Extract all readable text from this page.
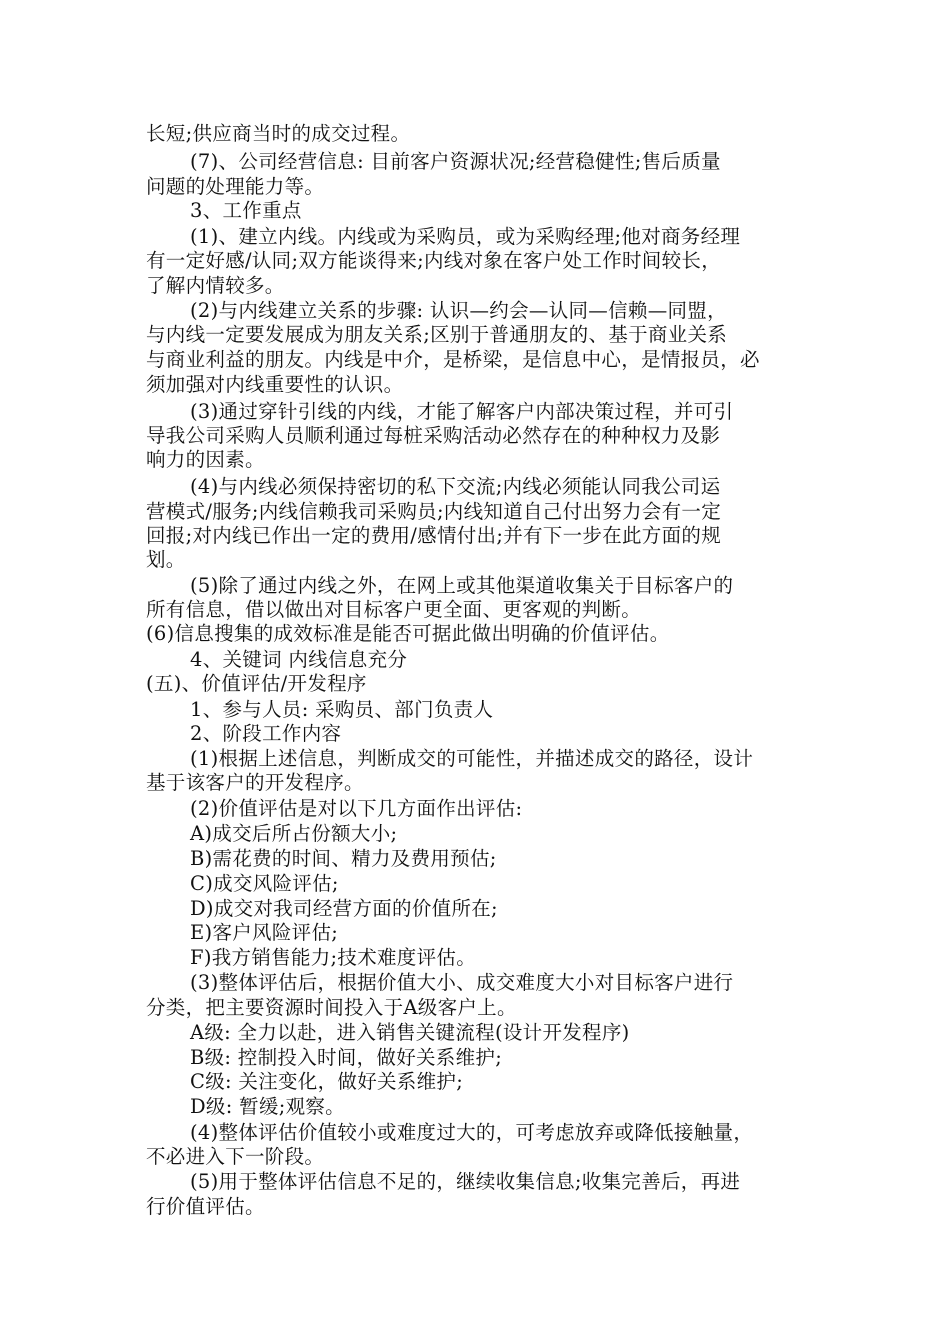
长短;供应商当时的成交过程。
(7)、公司经营信息: 目前客户资源状况;经营稳健性;售后质量
问题的处理能力等。
3、工作重点
(1)、建立内线。内线或为采购员，或为采购经理;他对商务经理
有一定好感/认同;双方能谈得来;内线对象在客户处工作时间较长，
了解内情较多。
(2)与内线建立关系的步骤: 认识—约会—认同—信赖—同盟，
与内线一定要发展成为朋友关系;区别于普通朋友的、基于商业关系
与商业利益的朋友。内线是中介，是桥梁，是信息中心，是情报员，必
须加强对内线重要性的认识。
(3)通过穿针引线的内线，才能了解客户内部决策过程，并可引
导我公司采购人员顺利通过每桩采购活动必然存在的种种权力及影
响力的因素。
(4)与内线必须保持密切的私下交流;内线必须能认同我公司运
营模式/服务;内线信赖我司采购员;内线知道自己付出努力会有一定
回报;对内线已作出一定的费用/感情付出;并有下一步在此方面的规
划。
(5)除了通过内线之外，在网上或其他渠道收集关于目标客户的
所有信息，借以做出对目标客户更全面、更客观的判断。
(6)信息搜集的成效标准是能否可据此做出明确的价值评估。
4、关键词 内线信息充分
(五)、价值评估/开发程序
1、参与人员: 采购员、部门负责人
2、阶段工作内容
(1)根据上述信息，判断成交的可能性，并描述成交的路径，设计
基于该客户的开发程序。
(2)价值评估是对以下几方面作出评估:
A)成交后所占份额大小;
B)需花费的时间、精力及费用预估;
C)成交风险评估;
D)成交对我司经营方面的价值所在;
E)客户风险评估;
F)我方销售能力;技术难度评估。
(3)整体评估后，根据价值大小、成交难度大小对目标客户进行
分类，把主要资源时间投入于A级客户上。
A级: 全力以赴，进入销售关键流程(设计开发程序)
B级: 控制投入时间，做好关系维护;
C级: 关注变化，做好关系维护;
D级: 暂缓;观察。
(4)整体评估价值较小或难度过大的，可考虑放弃或降低接触量，
不必进入下一阶段。
(5)用于整体评估信息不足的，继续收集信息;收集完善后，再进
行价值评估。
